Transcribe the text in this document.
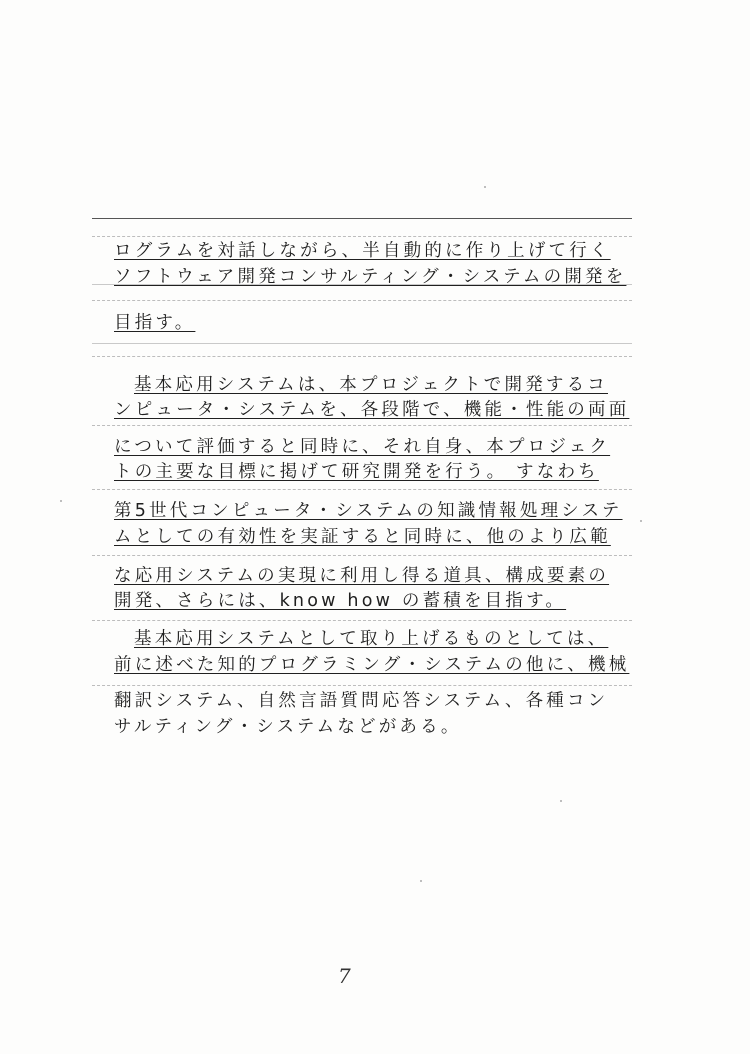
ログラムを対話しながら、半自動的に作り上げて行く
ソフトウェア開発コンサルティング・システムの開発を
目指す。
基本応用システムは、本プロジェクトで開発するコ
ンピュータ・システムを、各段階で、機能・性能の両面
について評価すると同時に、それ自身、本プロジェク
トの主要な目標に掲げて研究開発を行う。 すなわち
第5世代コンピュータ・システムの知識情報処理システ
ムとしての有効性を実証すると同時に、他のより広範
な応用システムの実現に利用し得る道具、構成要素の
開発、さらには、know how の蓄積を目指す。
基本応用システムとして取り上げるものとしては、
前に述べた知的プログラミング・システムの他に、機械
翻訳システム、自然言語質問応答システム、各種コン
サルティング・システムなどがある。
7
